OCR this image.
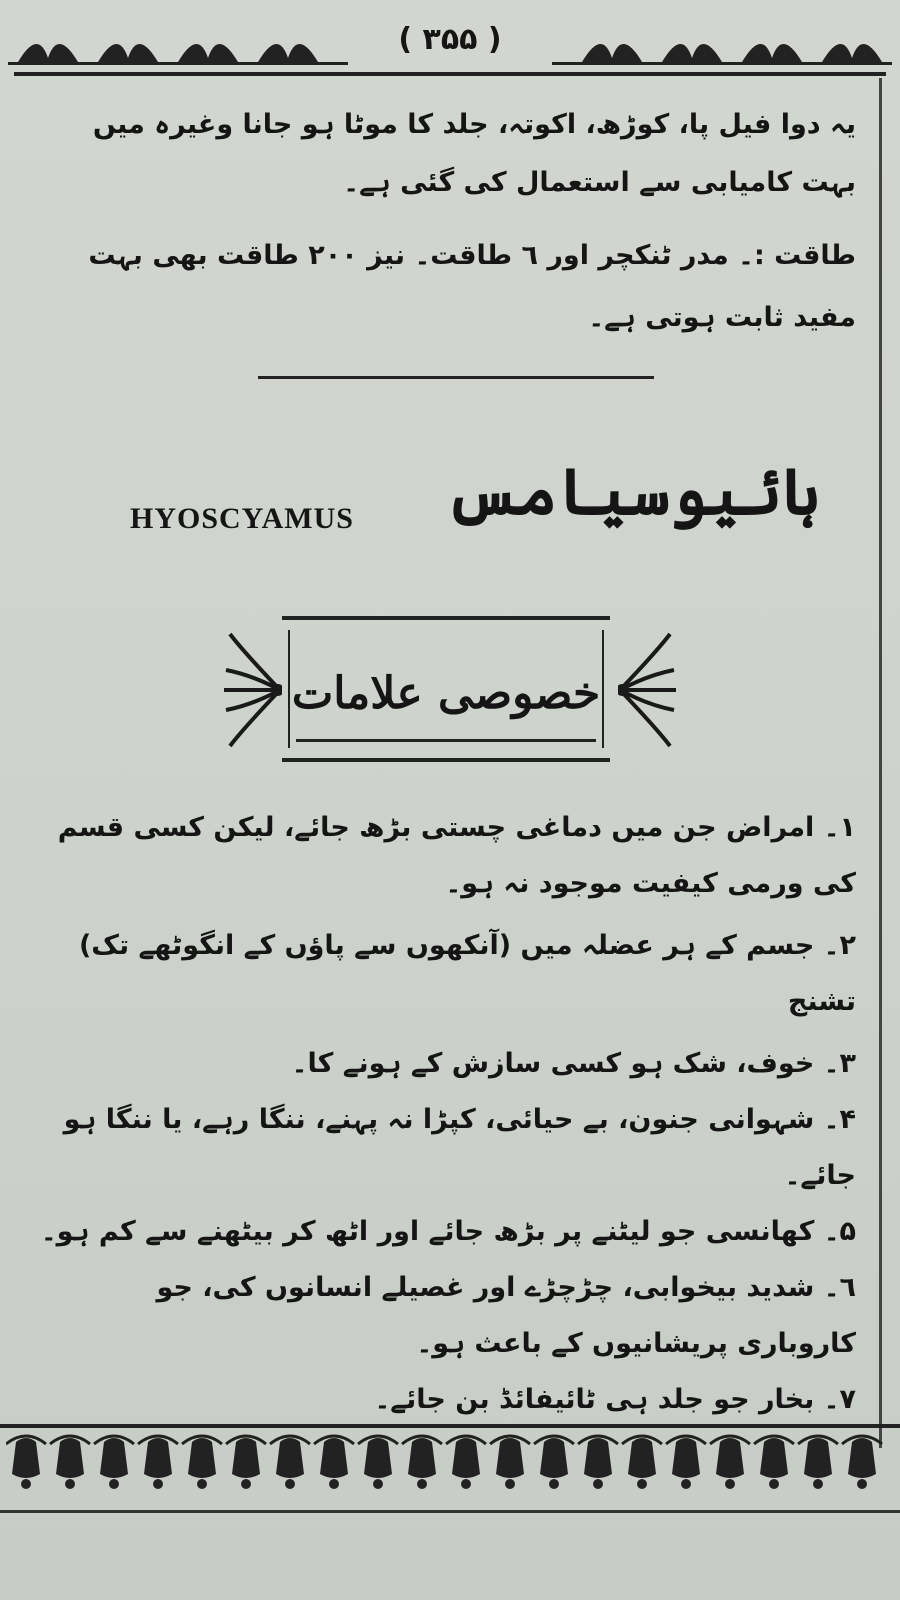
( ٣۵۵ )
یہ دوا فیل پا، کوڑھ، اکوتہ، جلد کا موٹا ہو جانا وغیرہ میں بہت کامیابی سے استعمال کی گئی ہے۔
طاقت :۔ مدر ٹنکچر اور ٦ طاقت۔ نیز ٢٠٠ طاقت بھی بہت مفید ثابت ہوتی ہے۔
ہائیوسیامس
HYOSCYAMUS
خصوصی علامات
١۔ امراض جن میں دماغی چستی بڑھ جائے، لیکن کسی قسم کی ورمی کیفیت موجود نہ ہو۔
٢۔ جسم کے ہر عضلہ میں (آنکھوں سے پاؤں کے انگوٹھے تک) تشنج
٣۔ خوف، شک ہو کسی سازش کے ہونے کا۔
۴۔ شہوانی جنون، بے حیائی، کپڑا نہ پہنے، ننگا رہے، یا ننگا ہو جائے۔
۵۔ کھانسی جو لیٹنے پر بڑھ جائے اور اٹھ کر بیٹھنے سے کم ہو۔
٦۔ شدید بیخوابی، چڑچڑے اور غصیلے انسانوں کی، جو کاروباری پریشانیوں کے باعث ہو۔
٧۔ بخار جو جلد ہی ٹائیفائڈ بن جائے۔
